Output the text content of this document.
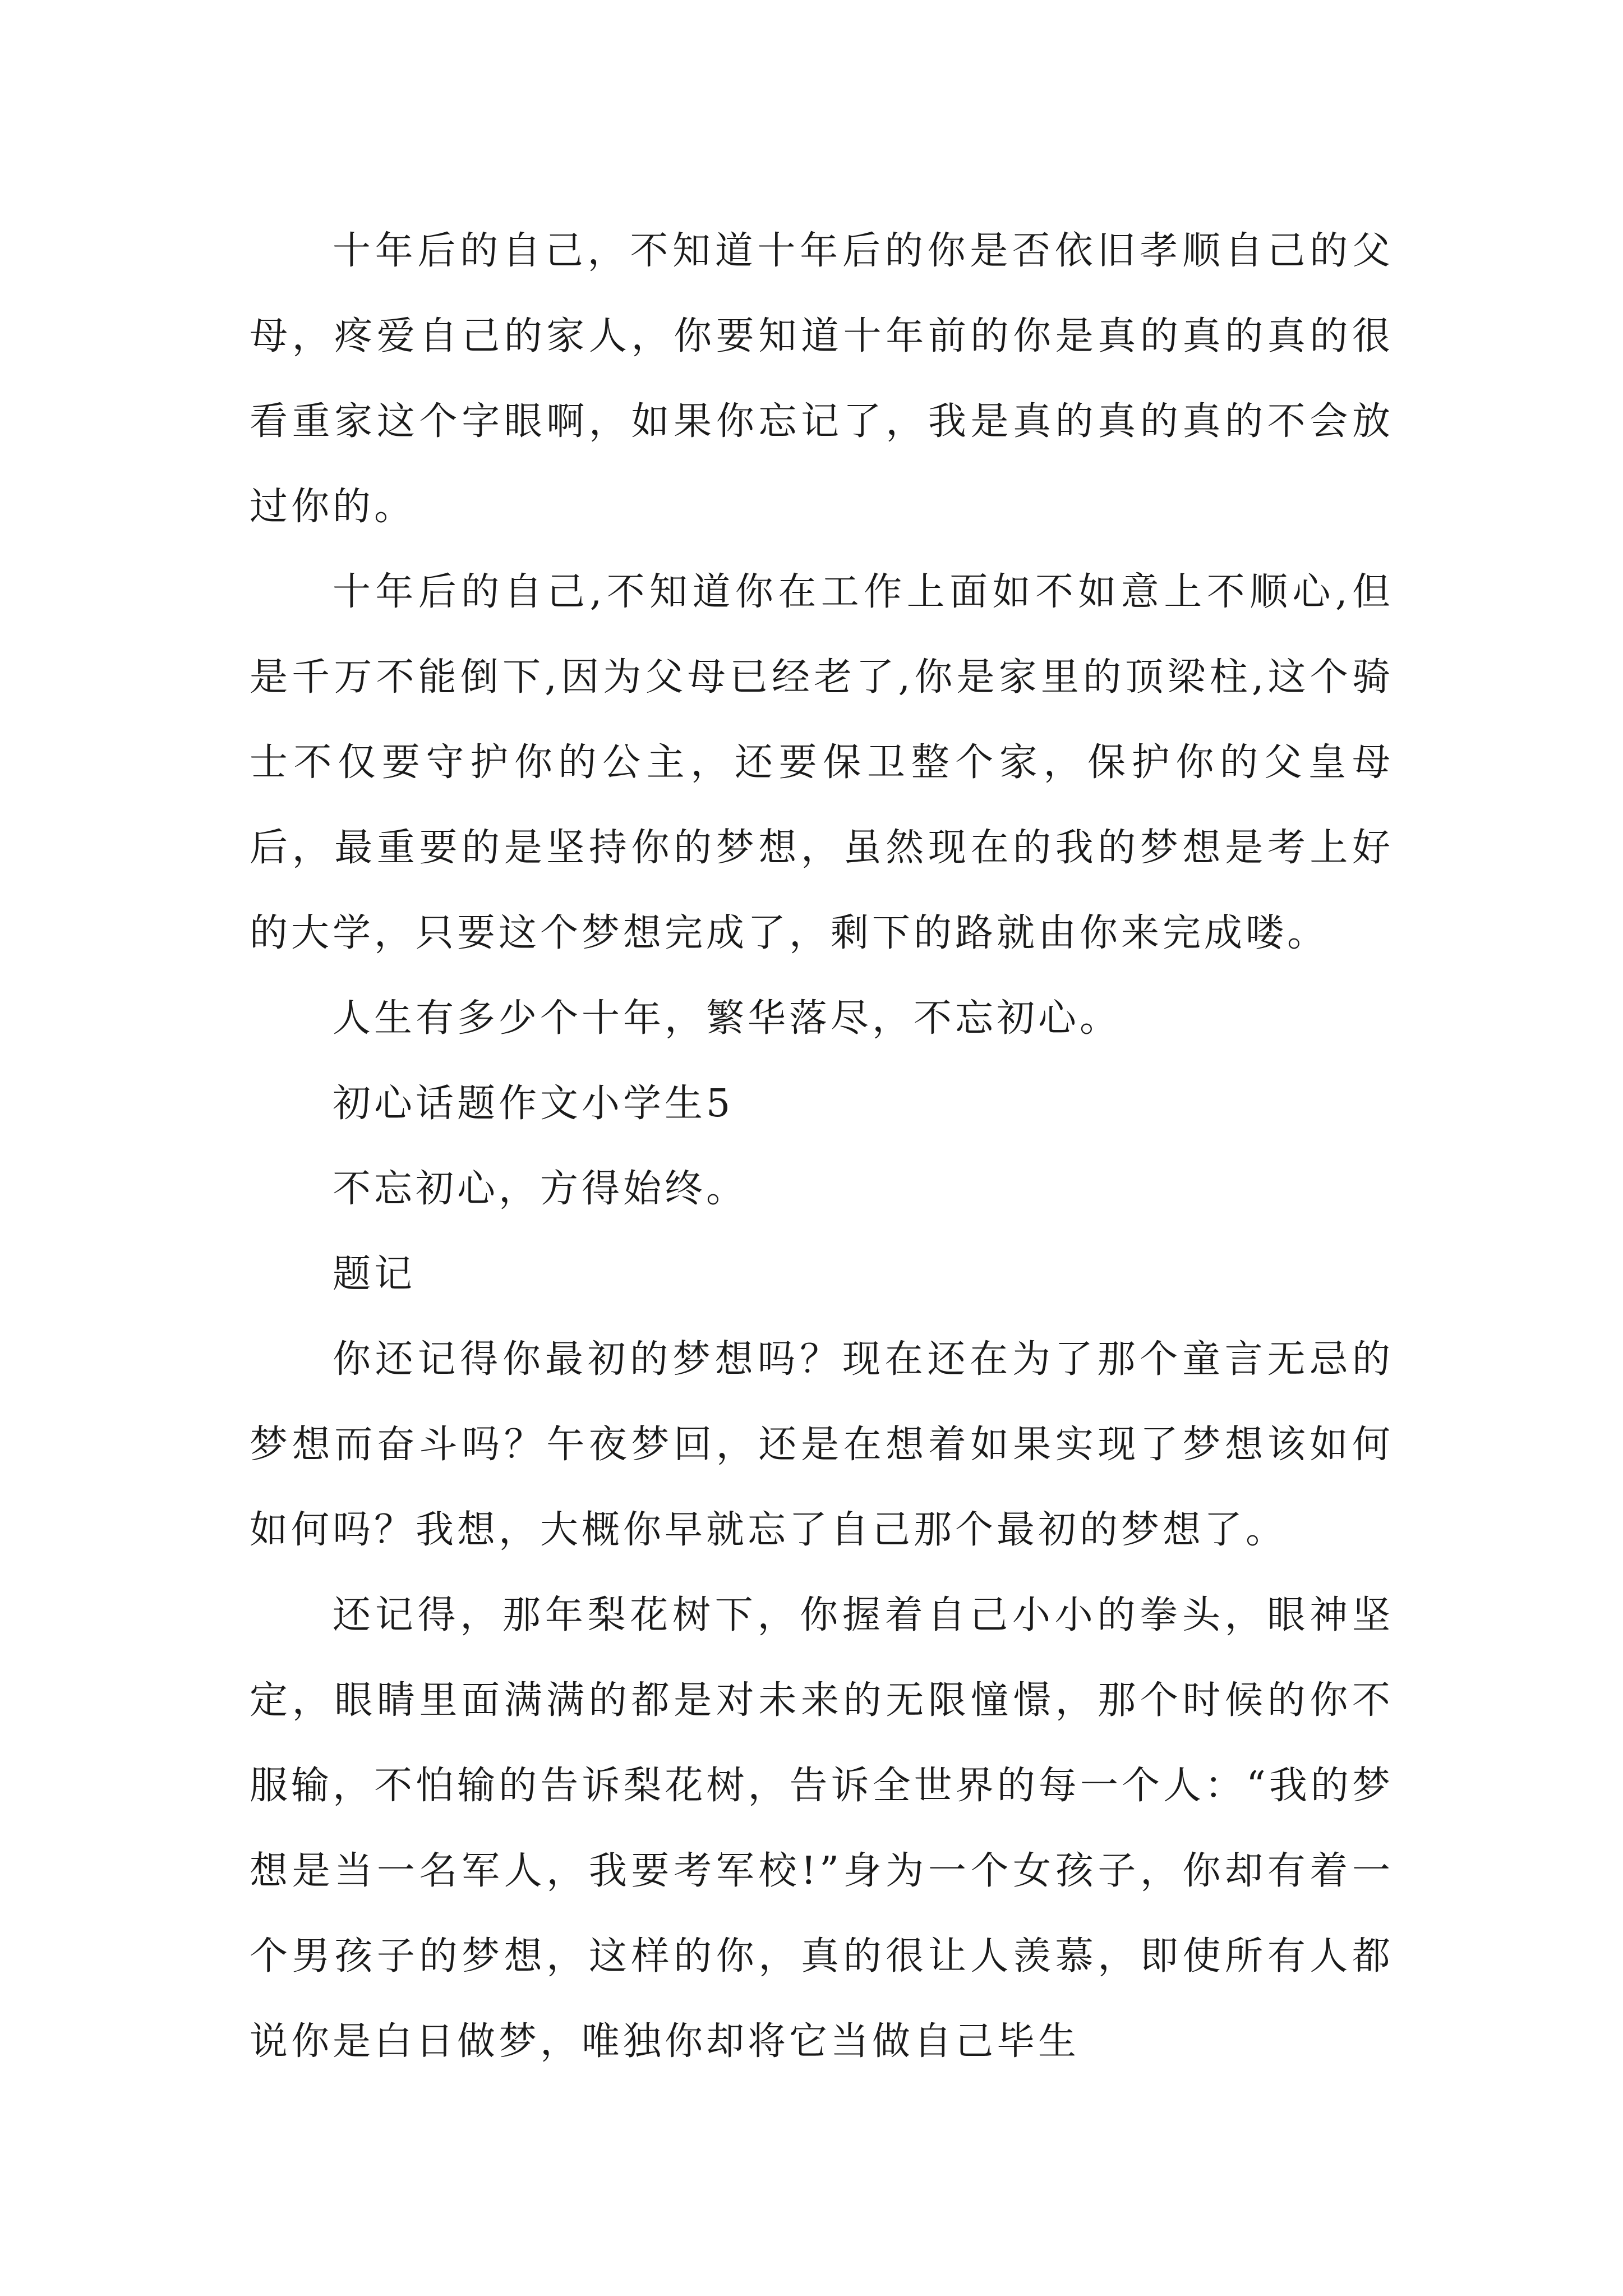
十年后的自己，不知道十年后的你是否依旧孝顺自己的父母，疼爱自己的家人，你要知道十年前的你是真的真的真的很看重家这个字眼啊，如果你忘记了，我是真的真的真的不会放过你的。

十年后的自己,不知道你在工作上面如不如意上不顺心,但是千万不能倒下,因为父母已经老了,你是家里的顶梁柱,这个骑士不仅要守护你的公主，还要保卫整个家，保护你的父皇母后，最重要的是坚持你的梦想，虽然现在的我的梦想是考上好的大学，只要这个梦想完成了，剩下的路就由你来完成喽。

人生有多少个十年，繁华落尽，不忘初心。

初心话题作文小学生5

不忘初心，方得始终。

题记

你还记得你最初的梦想吗？现在还在为了那个童言无忌的梦想而奋斗吗？午夜梦回，还是在想着如果实现了梦想该如何如何吗？我想，大概你早就忘了自己那个最初的梦想了。

还记得，那年梨花树下，你握着自己小小的拳头，眼神坚定，眼睛里面满满的都是对未来的无限憧憬，那个时候的你不服输，不怕输的告诉梨花树，告诉全世界的每一个人：“我的梦想是当一名军人，我要考军校!”身为一个女孩子，你却有着一个男孩子的梦想，这样的你，真的很让人羡慕，即使所有人都说你是白日做梦，唯独你却将它当做自己毕生
